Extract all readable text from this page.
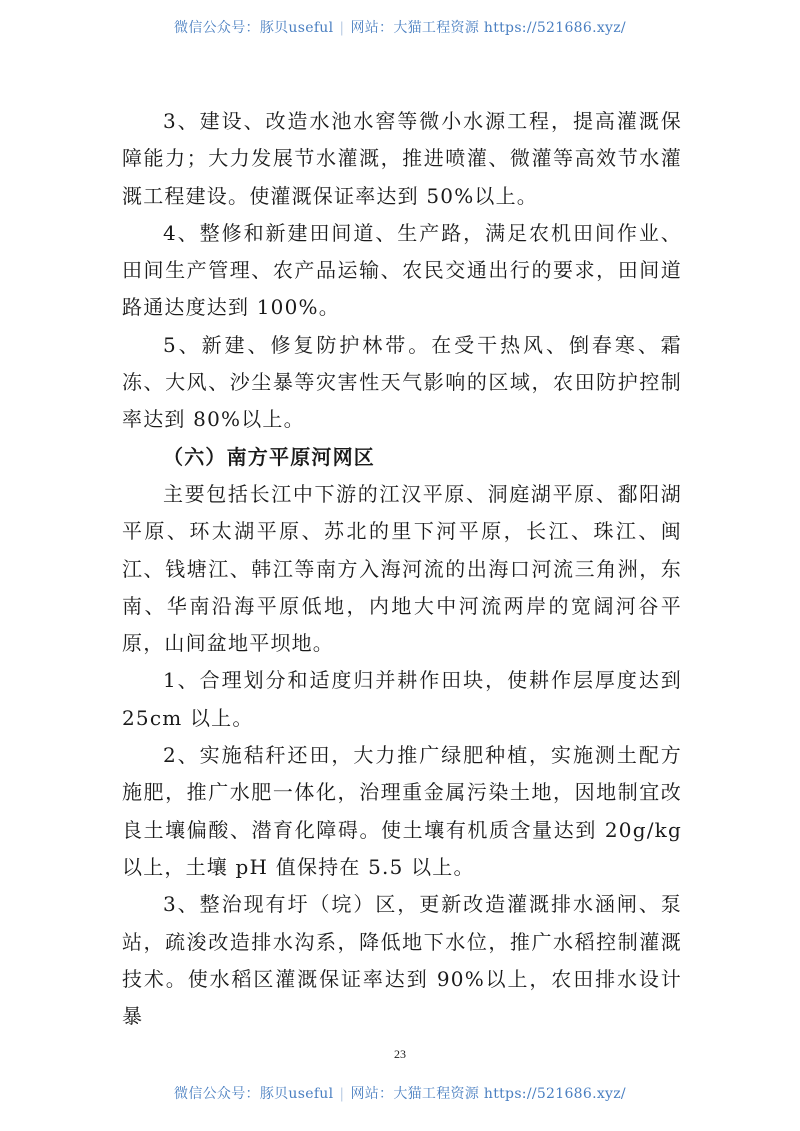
微信公众号：豚贝useful | 网站：大猫工程资源 https://521686.xyz/

3、建设、改造水池水窖等微小水源工程，提高灌溉保障能力；大力发展节水灌溉，推进喷灌、微灌等高效节水灌溉工程建设。使灌溉保证率达到 50%以上。

4、整修和新建田间道、生产路，满足农机田间作业、田间生产管理、农产品运输、农民交通出行的要求，田间道路通达度达到 100%。

5、新建、修复防护林带。在受干热风、倒春寒、霜冻、大风、沙尘暴等灾害性天气影响的区域，农田防护控制率达到 80%以上。

（六）南方平原河网区

主要包括长江中下游的江汉平原、洞庭湖平原、鄱阳湖平原、环太湖平原、苏北的里下河平原，长江、珠江、闽江、钱塘江、韩江等南方入海河流的出海口河流三角洲，东南、华南沿海平原低地，内地大中河流两岸的宽阔河谷平原，山间盆地平坝地。

1、合理划分和适度归并耕作田块，使耕作层厚度达到 25cm 以上。

2、实施秸秆还田，大力推广绿肥种植，实施测土配方施肥，推广水肥一体化，治理重金属污染土地，因地制宜改良土壤偏酸、潜育化障碍。使土壤有机质含量达到 20g/kg 以上，土壤 pH 值保持在 5.5 以上。

3、整治现有圩（垸）区，更新改造灌溉排水涵闸、泵站，疏浚改造排水沟系，降低地下水位，推广水稻控制灌溉技术。使水稻区灌溉保证率达到 90%以上，农田排水设计暴

23
微信公众号：豚贝useful | 网站：大猫工程资源 https://521686.xyz/
